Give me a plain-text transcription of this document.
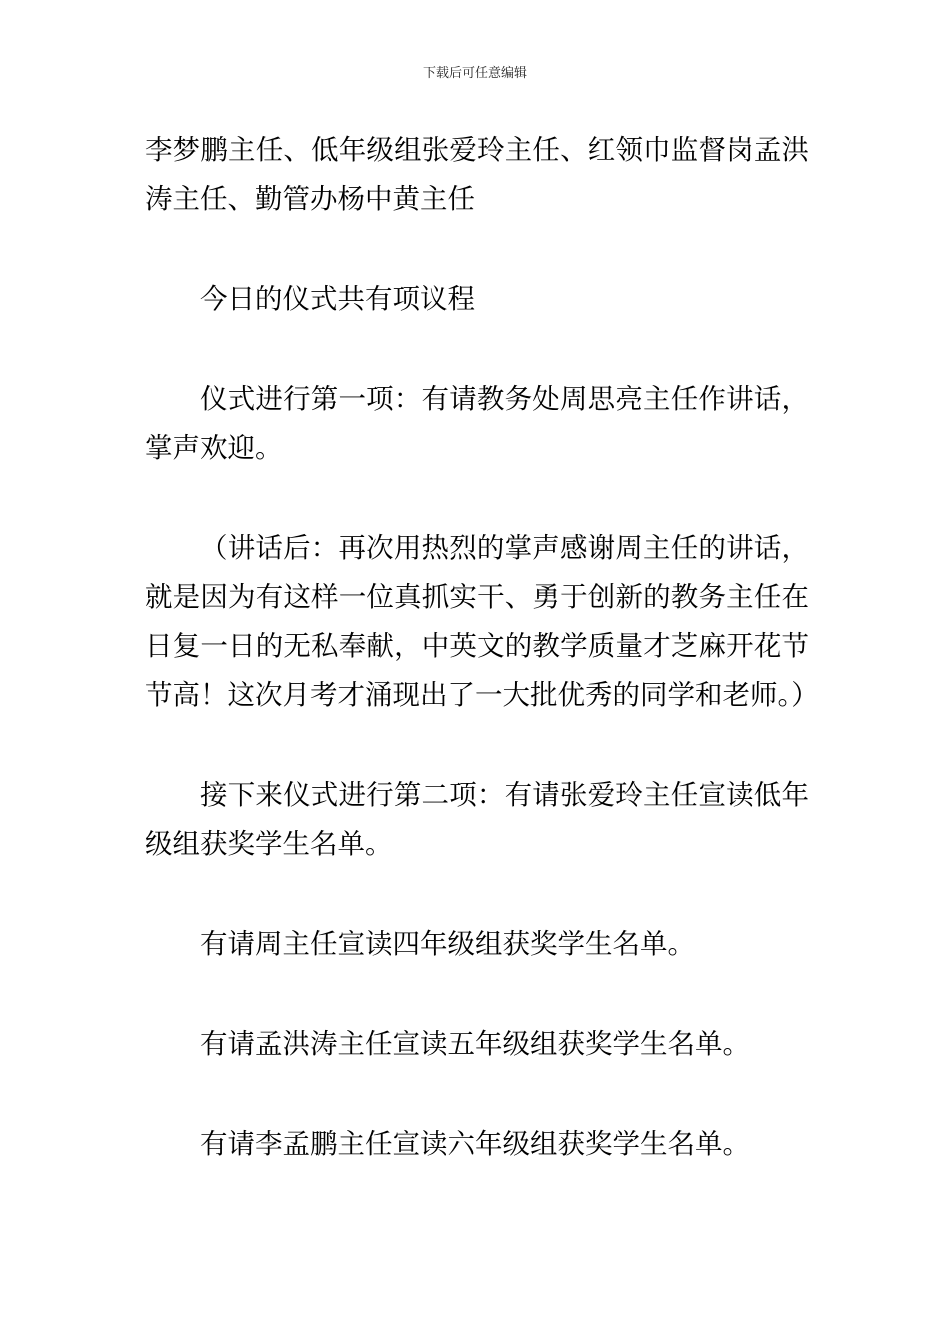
下载后可任意编辑

李梦鹏主任、低年级组张爱玲主任、红领巾监督岗孟洪涛主任、勤管办杨中黄主任

今日的仪式共有项议程

仪式进行第一项：有请教务处周思亮主任作讲话，掌声欢迎。

（讲话后：再次用热烈的掌声感谢周主任的讲话，就是因为有这样一位真抓实干、勇于创新的教务主任在日复一日的无私奉献，中英文的教学质量才芝麻开花节节高！这次月考才涌现出了一大批优秀的同学和老师。）

接下来仪式进行第二项：有请张爱玲主任宣读低年级组获奖学生名单。

有请周主任宣读四年级组获奖学生名单。

有请孟洪涛主任宣读五年级组获奖学生名单。

有请李孟鹏主任宣读六年级组获奖学生名单。
